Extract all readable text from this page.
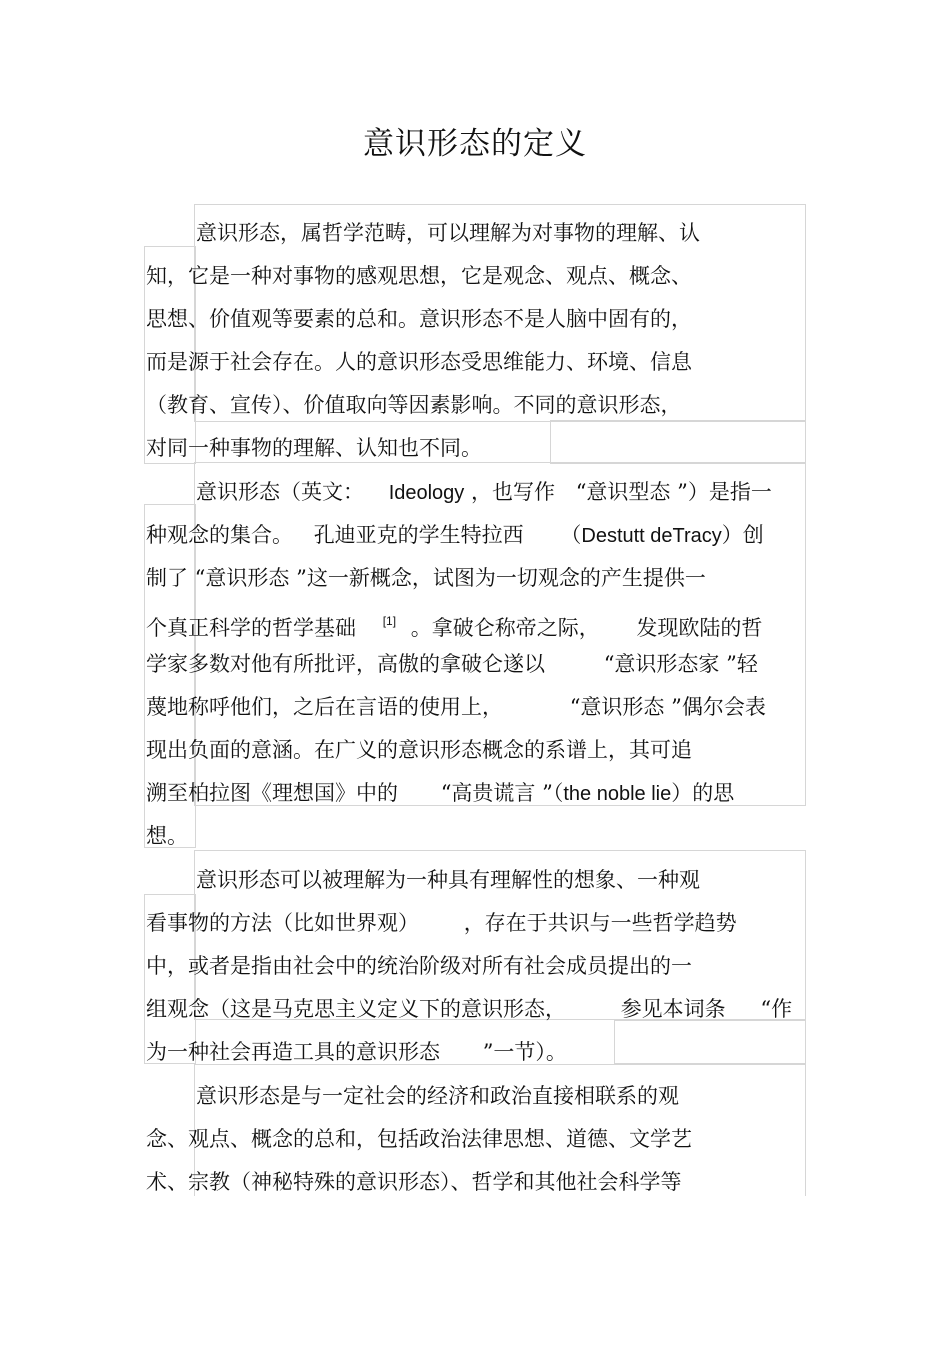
意识形态的定义
意识形态，属哲学范畴，可以理解为对事物的理解、认
知，它是一种对事物的感观思想，它是观念、观点、概念、
思想、价值观等要素的总和。意识形态不是人脑中固有的，
而是源于社会存在。人的意识形态受思维能力、环境、信息
（教育、宣传）、价值取向等因素影响。不同的意识形态，
对同一种事物的理解、认知也不同。
意识形态（英文： Ideology ，也写作 “意识型态 ”）是指一
种观念的集合。 孔迪亚克的学生特拉西 （Destutt deTracy）创
制了 “意识形态 ”这一新概念，试图为一切观念的产生提供一
个真正科学的哲学基础 [1] 。拿破仑称帝之际， 发现欧陆的哲
学家多数对他有所批评，高傲的拿破仑遂以	“意识形态家 ”轻
蔑地称呼他们，之后在言语的使用上，	“意识形态 ”偶尔会表
现出负面的意涵。在广义的意识形态概念的系谱上，其可追
溯至柏拉图《理想国》中的 “高贵谎言 ”（the noble lie）的思
想。
意识形态可以被理解为一种具有理解性的想象、一种观
看事物的方法（比如世界观） ，存在于共识与一些哲学趋势
中，或者是指由社会中的统治阶级对所有社会成员提出的一
组观念（这是马克思主义定义下的意识形态，	参见本词条 “作
为一种社会再造工具的意识形态 ”一节）。
意识形态是与一定社会的经济和政治直接相联系的观
念、观点、概念的总和，包括政治法律思想、道德、文学艺
术、宗教（神秘特殊的意识形态）、哲学和其他社会科学等
